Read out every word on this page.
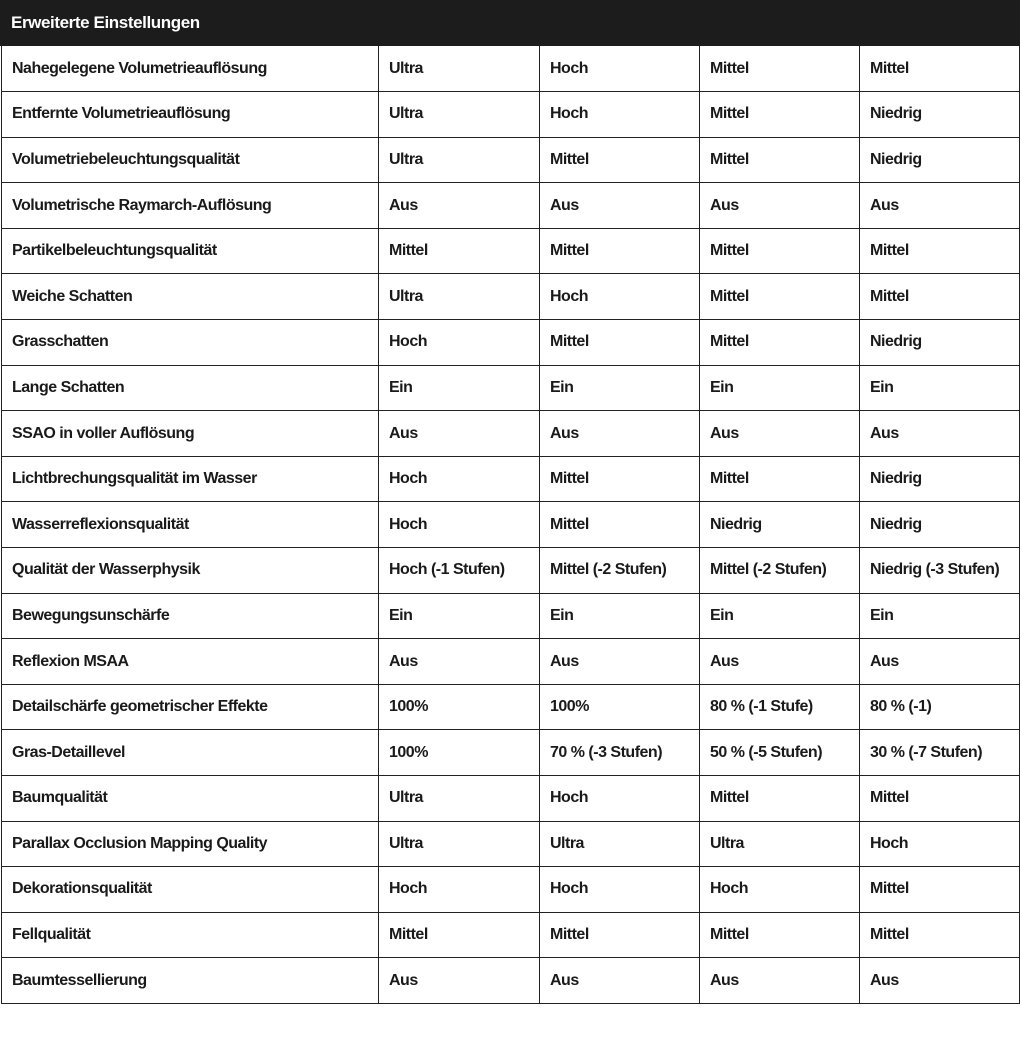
Erweiterte Einstellungen
Nahegelegene Volumetrieauflösung	Ultra	Hoch	Mittel	Mittel
Entfernte Volumetrieauflösung	Ultra	Hoch	Mittel	Niedrig
Volumetriebeleuchtungsqualität	Ultra	Mittel	Mittel	Niedrig
Volumetrische Raymarch-Auflösung	Aus	Aus	Aus	Aus
Partikelbeleuchtungsqualität	Mittel	Mittel	Mittel	Mittel
Weiche Schatten	Ultra	Hoch	Mittel	Mittel
Grasschatten	Hoch	Mittel	Mittel	Niedrig
Lange Schatten	Ein	Ein	Ein	Ein
SSAO in voller Auflösung	Aus	Aus	Aus	Aus
Lichtbrechungsqualität im Wasser	Hoch	Mittel	Mittel	Niedrig
Wasserreflexionsqualität	Hoch	Mittel	Niedrig	Niedrig
Qualität der Wasserphysik	Hoch (-1 Stufen)	Mittel (-2 Stufen)	Mittel (-2 Stufen)	Niedrig (-3 Stufen)
Bewegungsunschärfe	Ein	Ein	Ein	Ein
Reflexion MSAA	Aus	Aus	Aus	Aus
Detailschärfe geometrischer Effekte	100%	100%	80 % (-1 Stufe)	80 % (-1)
Gras-Detaillevel	100%	70 % (-3 Stufen)	50 % (-5 Stufen)	30 % (-7 Stufen)
Baumqualität	Ultra	Hoch	Mittel	Mittel
Parallax Occlusion Mapping Quality	Ultra	Ultra	Ultra	Hoch
Dekorationsqualität	Hoch	Hoch	Hoch	Mittel
Fellqualität	Mittel	Mittel	Mittel	Mittel
Baumtessellierung	Aus	Aus	Aus	Aus
